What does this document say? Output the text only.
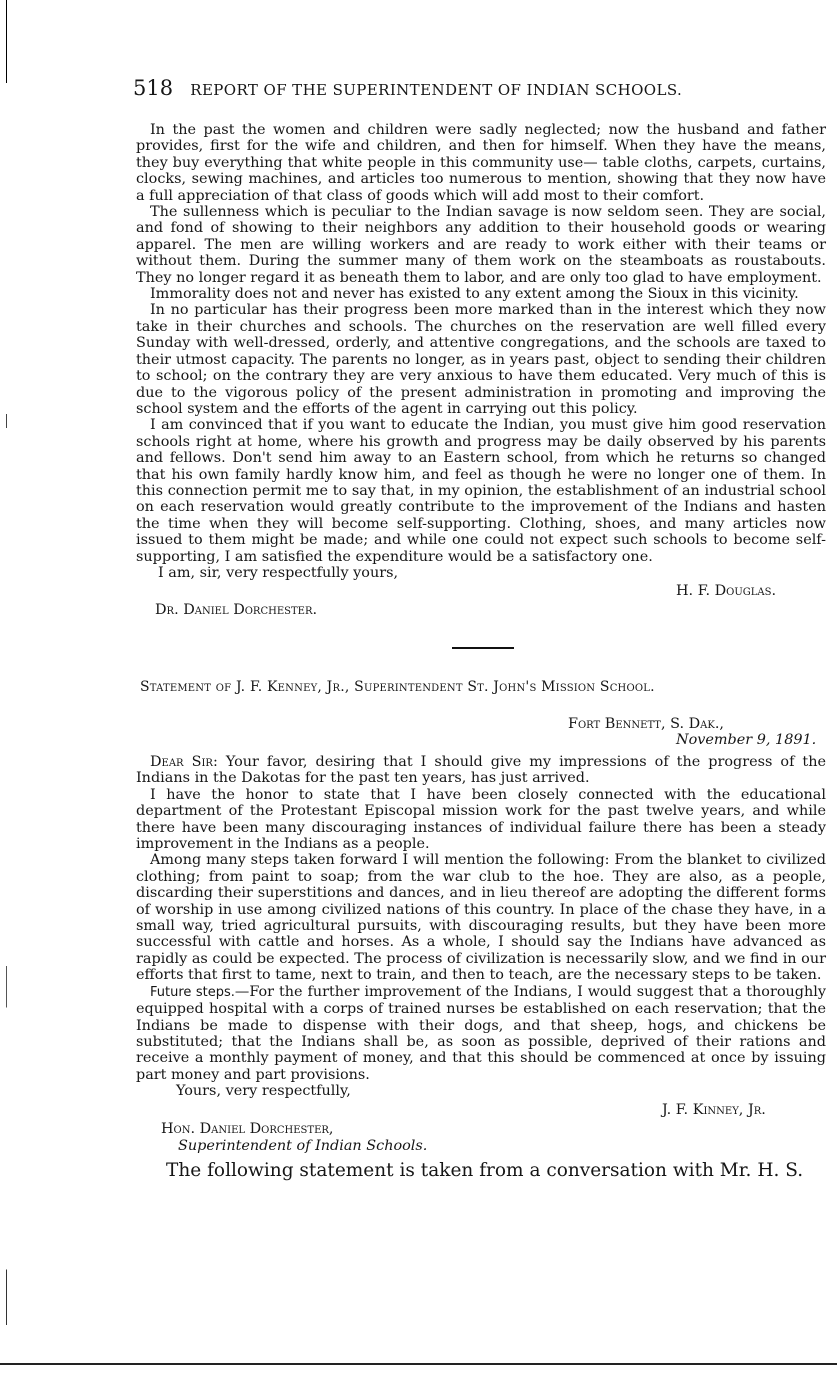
518 REPORT OF THE SUPERINTENDENT OF INDIAN SCHOOLS.

In the past the women and children were sadly neglected; now the husband and father provides, first for the wife and children, and then for himself. When they have the means, they buy everything that white people in this community use— table cloths, carpets, curtains, clocks, sewing machines, and articles too numerous to mention, showing that they now have a full appreciation of that class of goods which will add most to their comfort.

The sullenness which is peculiar to the Indian savage is now seldom seen. They are social, and fond of showing to their neighbors any addition to their household goods or wearing apparel. The men are willing workers and are ready to work either with their teams or without them. During the summer many of them work on the steamboats as roustabouts. They no longer regard it as beneath them to labor, and are only too glad to have employment.

Immorality does not and never has existed to any extent among the Sioux in this vicinity.

In no particular has their progress been more marked than in the interest which they now take in their churches and schools. The churches on the reservation are well filled every Sunday with well-dressed, orderly, and attentive congregations, and the schools are taxed to their utmost capacity. The parents no longer, as in years past, object to sending their children to school; on the contrary they are very anxious to have them educated. Very much of this is due to the vigorous policy of the present administration in promoting and improving the school system and the efforts of the agent in carrying out this policy.

I am convinced that if you want to educate the Indian, you must give him good reservation schools right at home, where his growth and progress may be daily observed by his parents and fellows. Don't send him away to an Eastern school, from which he returns so changed that his own family hardly know him, and feel as though he were no longer one of them. In this connection permit me to say that, in my opinion, the establishment of an industrial school on each reservation would greatly contribute to the improvement of the Indians and hasten the time when they will become self-supporting. Clothing, shoes, and many articles now issued to them might be made; and while one could not expect such schools to become self-supporting, I am satisfied the expenditure would be a satisfactory one.

I am, sir, very respectfully yours,

H. F. Douglas.
Dr. Daniel Dorchester.
Statement of J. F. Kenney, Jr., Superintendent St. John's Mission School.
Fort Bennett, S. Dak.,
November 9, 1891.

Dear Sir: Your favor, desiring that I should give my impressions of the progress of the Indians in the Dakotas for the past ten years, has just arrived.

I have the honor to state that I have been closely connected with the educational department of the Protestant Episcopal mission work for the past twelve years, and while there have been many discouraging instances of individual failure there has been a steady improvement in the Indians as a people.

Among many steps taken forward I will mention the following: From the blanket to civilized clothing; from paint to soap; from the war club to the hoe. They are also, as a people, discarding their superstitions and dances, and in lieu thereof are adopting the different forms of worship in use among civilized nations of this country. In place of the chase they have, in a small way, tried agricultural pursuits, with discouraging results, but they have been more successful with cattle and horses. As a whole, I should say the Indians have advanced as rapidly as could be expected. The process of civilization is necessarily slow, and we find in our efforts that first to tame, next to train, and then to teach, are the necessary steps to be taken.

Future steps.—For the further improvement of the Indians, I would suggest that a thoroughly equipped hospital with a corps of trained nurses be established on each reservation; that the Indians be made to dispense with their dogs, and that sheep, hogs, and chickens be substituted; that the Indians shall be, as soon as possible, deprived of their rations and receive a monthly payment of money, and that this should be commenced at once by issuing part money and part provisions.

Yours, very respectfully,

J. F. Kinney, Jr.
Hon. Daniel Dorchester,
Superintendent of Indian Schools.
The following statement is taken from a conversation with Mr. H. S.
